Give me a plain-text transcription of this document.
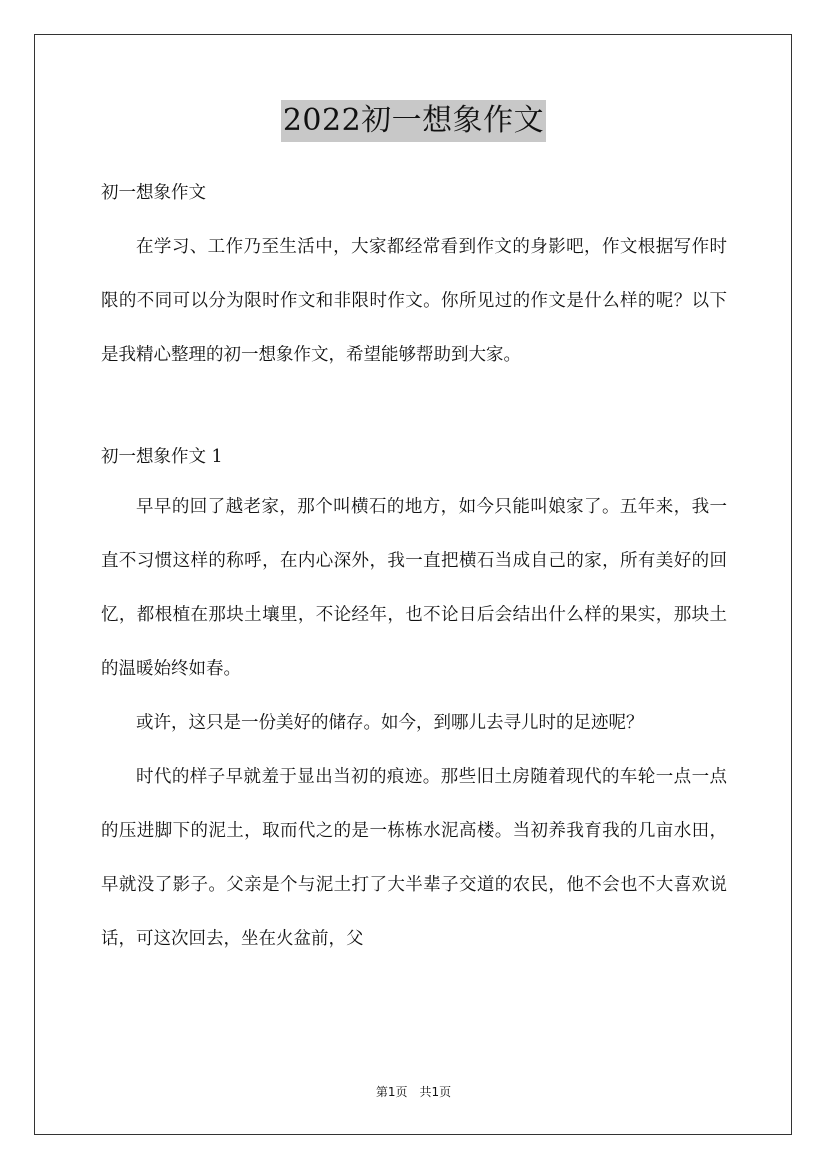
2022初一想象作文

初一想象作文

在学习、工作乃至生活中，大家都经常看到作文的身影吧，作文根据写作时限的不同可以分为限时作文和非限时作文。你所见过的作文是什么样的呢？以下是我精心整理的初一想象作文，希望能够帮助到大家。

初一想象作文 1

早早的回了越老家，那个叫横石的地方，如今只能叫娘家了。五年来，我一直不习惯这样的称呼，在内心深外，我一直把横石当成自己的家，所有美好的回忆，都根植在那块土壤里，不论经年，也不论日后会结出什么样的果实，那块土的温暖始终如春。

或许，这只是一份美好的储存。如今，到哪儿去寻儿时的足迹呢？

时代的样子早就羞于显出当初的痕迹。那些旧土房随着现代的车轮一点一点的压进脚下的泥土，取而代之的是一栋栋水泥高楼。当初养我育我的几亩水田，早就没了影子。父亲是个与泥土打了大半辈子交道的农民，他不会也不大喜欢说话，可这次回去，坐在火盆前，父

第1页　共1页
